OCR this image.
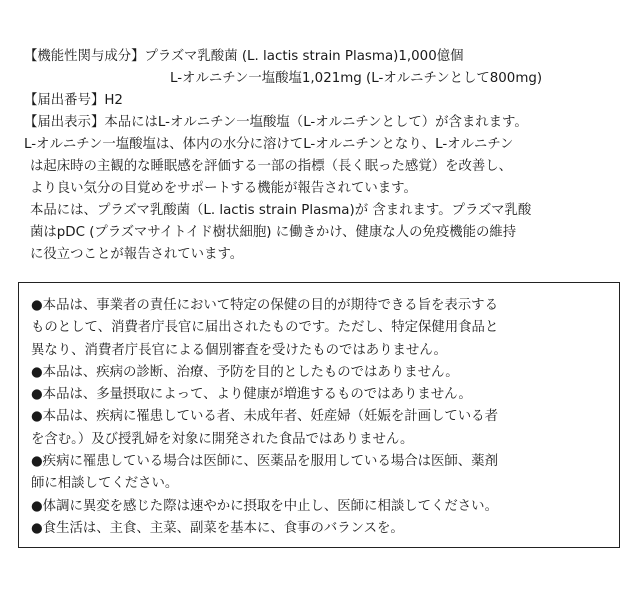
【機能性関与成分】プラズマ乳酸菌 (L. lactis strain Plasma)1,000億個
L-オルニチン一塩酸塩1,021mg (L-オルニチンとして800mg)
【届出番号】H2
【届出表示】本品にはL-オルニチン一塩酸塩（L-オルニチンとして）が含まれます。
L-オルニチン一塩酸塩は、体内の水分に溶けてL-オルニチンとなり、L-オルニチン
は起床時の主観的な睡眠感を評価する一部の指標（長く眠った感覚）を改善し、
より良い気分の目覚めをサポートする機能が報告されています。
本品には、プラズマ乳酸菌（L. lactis strain Plasma)が 含まれます。プラズマ乳酸
菌はpDC (プラズマサイトイド樹状細胞) に働きかけ、健康な人の免疫機能の維持
に役立つことが報告されています。
●本品は、事業者の責任において特定の保健の目的が期待できる旨を表示する
ものとして、消費者庁長官に届出されたものです。ただし、特定保健用食品と
異なり、消費者庁長官による個別審査を受けたものではありません。
●本品は、疾病の診断、治療、予防を目的としたものではありません。
●本品は、多量摂取によって、より健康が増進するものではありません。
●本品は、疾病に罹患している者、未成年者、妊産婦（妊娠を計画している者
を含む。）及び授乳婦を対象に開発された食品ではありません。
●疾病に罹患している場合は医師に、医薬品を服用している場合は医師、薬剤
師に相談してください。
●体調に異変を感じた際は速やかに摂取を中止し、医師に相談してください。
●食生活は、主食、主菜、副菜を基本に、食事のバランスを。
